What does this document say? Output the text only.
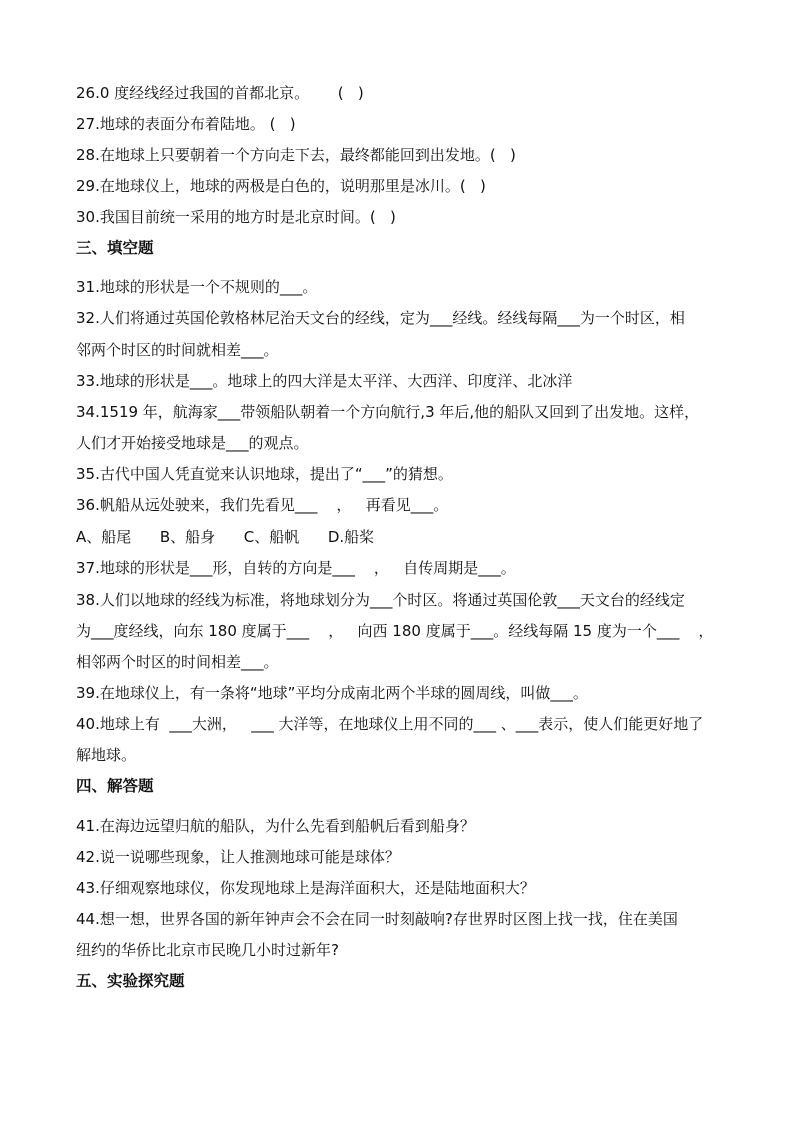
26.0 度经线经过我国的首都北京。      (   )
27.地球的表面分布着陆地。 (   )
28.在地球上只要朝着一个方向走下去，最终都能回到出发地。(   )
29.在地球仪上，地球的两极是白色的，说明那里是冰川。(   )
30.我国目前统一采用的地方时是北京时间。(   )
三、填空题
31.地球的形状是一个不规则的___。
32.人们将通过英国伦敦格林尼治天文台的经线，定为___经线。经线每隔___为一个时区，相
邻两个时区的时间就相差___。
33.地球的形状是___。地球上的四大洋是太平洋、大西洋、印度洋、北冰洋
34.1519 年，航海家___带领船队朝着一个方向航行,3 年后,他的船队又回到了出发地。这样，
人们才开始接受地球是___的观点。
35.古代中国人凭直觉来认识地球，提出了“___”的猜想。
36.帆船从远处驶来，我们先看见___    ，   再看见___。
A、船尾      B、船身      C、船帆      D.船桨
37.地球的形状是___形，自转的方向是___    ，   自传周期是___。
38.人们以地球的经线为标准，将地球划分为___个时区。将通过英国伦敦___天文台的经线定
为___度经线，向东 180 度属于___    ，   向西 180 度属于___。经线每隔 15 度为一个___    ，
相邻两个时区的时间相差___。
39.在地球仪上，有一条将“地球”平均分成南北两个半球的圆周线，叫做___。
40.地球上有  ___大洲，   ___ 大洋等，在地球仪上用不同的___ 、___表示，使人们能更好地了
解地球。
四、解答题
41.在海边远望归航的船队，为什么先看到船帆后看到船身？
42.说一说哪些现象，让人推测地球可能是球体？
43.仔细观察地球仪，你发现地球上是海洋面积大，还是陆地面积大？
44.想一想，世界各国的新年钟声会不会在同一时刻敲响?存世界时区图上找一找，住在美国
纽约的华侨比北京市民晚几小时过新年?
五、实验探究题
